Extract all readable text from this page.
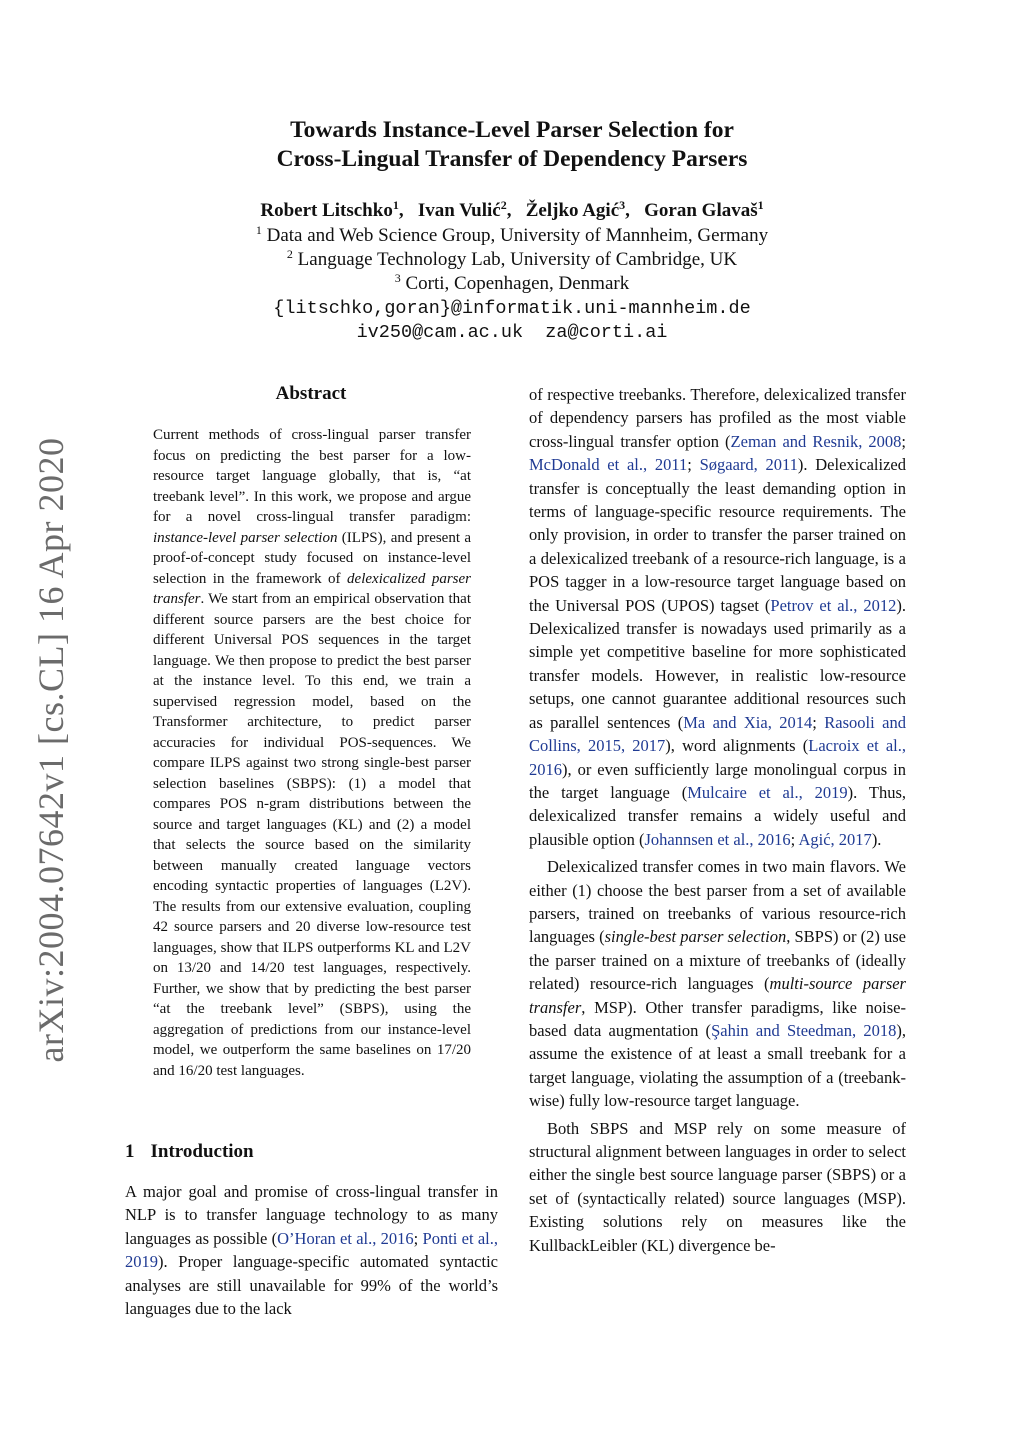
arXiv:2004.07642v1 [cs.CL] 16 Apr 2020
Towards Instance-Level Parser Selection for
Cross-Lingual Transfer of Dependency Parsers
Robert Litschko$^1$,   Ivan Vulić$^2$,   Željko Agić$^3$,   Goran Glavaš$^1$
$^1$ Data and Web Science Group, University of Mannheim, Germany
$^2$ Language Technology Lab, University of Cambridge, UK
$^3$ Corti, Copenhagen, Denmark
{litschko,goran}@informatik.uni-mannheim.de
iv250@cam.ac.uk  za@corti.ai
Abstract
Current methods of cross-lingual parser transfer focus on predicting the best parser for a low-resource target language globally, that is, “at treebank level”. In this work, we propose and argue for a novel cross-lingual transfer paradigm: instance-level parser selection (ILPS), and present a proof-of-concept study focused on instance-level selection in the framework of delexicalized parser transfer. We start from an empirical observation that different source parsers are the best choice for different Universal POS sequences in the target language. We then propose to predict the best parser at the instance level. To this end, we train a supervised regression model, based on the Transformer architecture, to predict parser accuracies for individual POS-sequences. We compare ILPS against two strong single-best parser selection baselines (SBPS): (1) a model that compares POS n-gram distributions between the source and target languages (KL) and (2) a model that selects the source based on the similarity between manually created language vectors encoding syntactic properties of languages (L2V). The results from our extensive evaluation, coupling 42 source parsers and 20 diverse low-resource test languages, show that ILPS outperforms KL and L2V on 13/20 and 14/20 test languages, respectively. Further, we show that by predicting the best parser “at the treebank level” (SBPS), using the aggregation of predictions from our instance-level model, we outperform the same baselines on 17/20 and 16/20 test languages.
1 Introduction
A major goal and promise of cross-lingual transfer in NLP is to transfer language technology to as many languages as possible (O’Horan et al., 2016; Ponti et al., 2019). Proper language-specific automated syntactic analyses are still unavailable for 99% of the world’s languages due to the lack

of respective treebanks. Therefore, delexicalized transfer of dependency parsers has profiled as the most viable cross-lingual transfer option (Zeman and Resnik, 2008; McDonald et al., 2011; Søgaard, 2011). Delexicalized transfer is conceptually the least demanding option in terms of language-specific resource requirements. The only provision, in order to transfer the parser trained on a delexicalized treebank of a resource-rich language, is a POS tagger in a low-resource target language based on the Universal POS (UPOS) tagset (Petrov et al., 2012). Delexicalized transfer is nowadays used primarily as a simple yet competitive baseline for more sophisticated transfer models. However, in realistic low-resource setups, one cannot guarantee additional resources such as parallel sentences (Ma and Xia, 2014; Rasooli and Collins, 2015, 2017), word alignments (Lacroix et al., 2016), or even sufficiently large monolingual corpus in the target language (Mulcaire et al., 2019). Thus, delexicalized transfer remains a widely useful and plausible option (Johannsen et al., 2016; Agić, 2017).

Delexicalized transfer comes in two main flavors. We either (1) choose the best parser from a set of available parsers, trained on treebanks of various resource-rich languages (single-best parser selection, SBPS) or (2) use the parser trained on a mixture of treebanks of (ideally related) resource-rich languages (multi-source parser transfer, MSP). Other transfer paradigms, like noise-based data augmentation (Şahin and Steedman, 2018), assume the existence of at least a small treebank for a target language, violating the assumption of a (treebank-wise) fully low-resource target language.

Both SBPS and MSP rely on some measure of structural alignment between languages in order to select either the single best source language parser (SBPS) or a set of (syntactically related) source languages (MSP). Existing solutions rely on measures like the KullbackLeibler (KL) divergence be-
